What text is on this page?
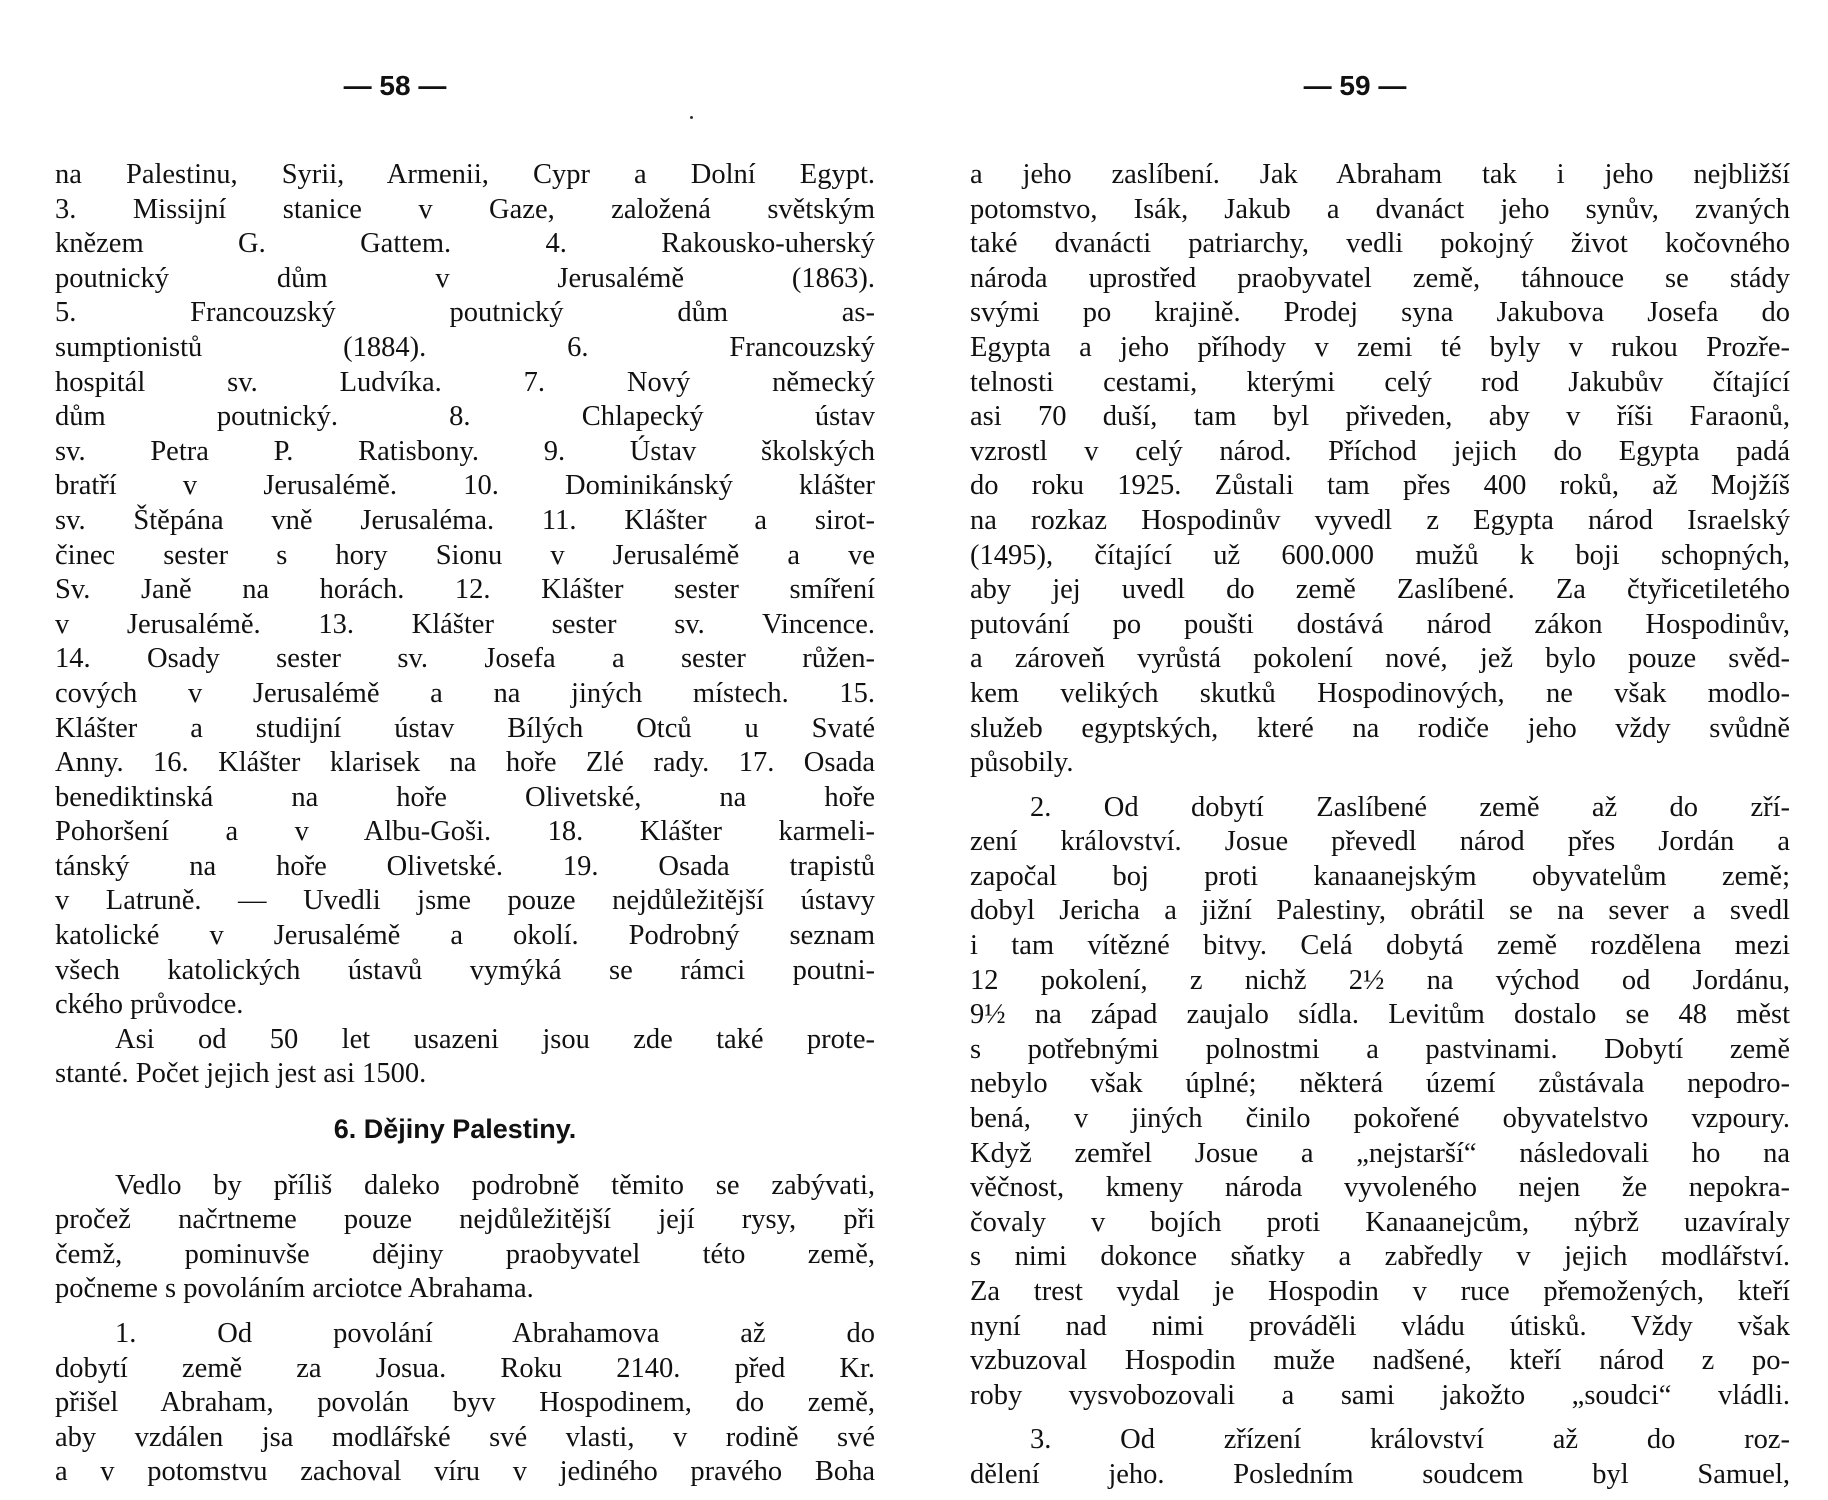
— 58 —
na Palestinu, Syrii, Armenii, Cypr a Dolní Egypt.
3. Missijní stanice v Gaze, založená světským
knězem G. Gattem. 4. Rakousko-uherský
poutnický dům v Jerusalémě (1863).
5. Francouzský poutnický dům as-
sumptionistů (1884). 6. Francouzský
hospitál sv. Ludvíka. 7. Nový německý
dům poutnický. 8. Chlapecký ústav
sv. Petra P. Ratisbony. 9. Ústav školských
bratří v Jerusalémě. 10. Dominikánský klášter
sv. Štěpána vně Jerusaléma. 11. Klášter a sirot-
činec sester s hory Sionu v Jerusalémě a ve
Sv. Janě na horách. 12. Klášter sester smíření
v Jerusalémě. 13. Klášter sester sv. Vincence.
14. Osady sester sv. Josefa a sester růžen-
cových v Jerusalémě a na jiných místech. 15.
Klášter a studijní ústav Bílých Otců u Svaté
Anny. 16. Klášter klarisek na hoře Zlé rady. 17. Osada
benediktinská na hoře Olivetské, na hoře
Pohoršení a v Albu-Goši. 18. Klášter karmeli-
tánský na hoře Olivetské. 19. Osada trapistů
v Latruně. — Uvedli jsme pouze nejdůležitější ústavy
katolické v Jerusalémě a okolí. Podrobný seznam
všech katolických ústavů vymýká se rámci poutni-
ckého průvodce.
Asi od 50 let usazeni jsou zde také prote-
stanté. Počet jejich jest asi 1500.
6. Dějiny Palestiny.
Vedlo by příliš daleko podrobně těmito se zabývati,
pročež načrtneme pouze nejdůležitější její rysy, při
čemž, pominuvše dějiny praobyvatel této země,
počneme s povoláním arciotce Abrahama.
1. Od povolání Abrahamova až do
dobytí země za Josua. Roku 2140. před Kr.
přišel Abraham, povolán byv Hospodinem, do země,
aby vzdálen jsa modlářské své vlasti, v rodině své
a v potomstvu zachoval víru v jediného pravého Boha
— 59 —
a jeho zaslíbení. Jak Abraham tak i jeho nejbližší
potomstvo, Isák, Jakub a dvanáct jeho synův, zvaných
také dvanácti patriarchy, vedli pokojný život kočovného
národa uprostřed praobyvatel země, táhnouce se stády
svými po krajině. Prodej syna Jakubova Josefa do
Egypta a jeho příhody v zemi té byly v rukou Prozře-
telnosti cestami, kterými celý rod Jakubův čítající
asi 70 duší, tam byl přiveden, aby v říši Faraonů,
vzrostl v celý národ. Příchod jejich do Egypta padá
do roku 1925. Zůstali tam přes 400 roků, až Mojžíš
na rozkaz Hospodinův vyvedl z Egypta národ Israelský
(1495), čítající už 600.000 mužů k boji schopných,
aby jej uvedl do země Zaslíbené. Za čtyřicetiletého
putování po poušti dostává národ zákon Hospodinův,
a zároveň vyrůstá pokolení nové, jež bylo pouze svěd-
kem velikých skutků Hospodinových, ne však modlo-
služeb egyptských, které na rodiče jeho vždy svůdně
působily.
2. Od dobytí Zaslíbené země až do zří-
zení království. Josue převedl národ přes Jordán a
započal boj proti kanaanejským obyvatelům země;
dobyl Jericha a jižní Palestiny, obrátil se na sever a svedl
i tam vítězné bitvy. Celá dobytá země rozdělena mezi
12 pokolení, z nichž 2½ na východ od Jordánu,
9½ na západ zaujalo sídla. Levitům dostalo se 48 měst
s potřebnými polnostmi a pastvinami. Dobytí země
nebylo však úplné; některá území zůstávala nepodro-
bená, v jiných činilo pokořené obyvatelstvo vzpoury.
Když zemřel Josue a „nejstarší“ následovali ho na
věčnost, kmeny národa vyvoleného nejen že nepokra-
čovaly v bojích proti Kanaanejcům, nýbrž uzavíraly
s nimi dokonce sňatky a zabředly v jejich modlářství.
Za trest vydal je Hospodin v ruce přemožených, kteří
nyní nad nimi prováděli vládu útisků. Vždy však
vzbuzoval Hospodin muže nadšené, kteří národ z po-
roby vysvobozovali a sami jakožto „soudci“ vládli.
3. Od zřízení království až do roz-
dělení jeho. Posledním soudcem byl Samuel,
